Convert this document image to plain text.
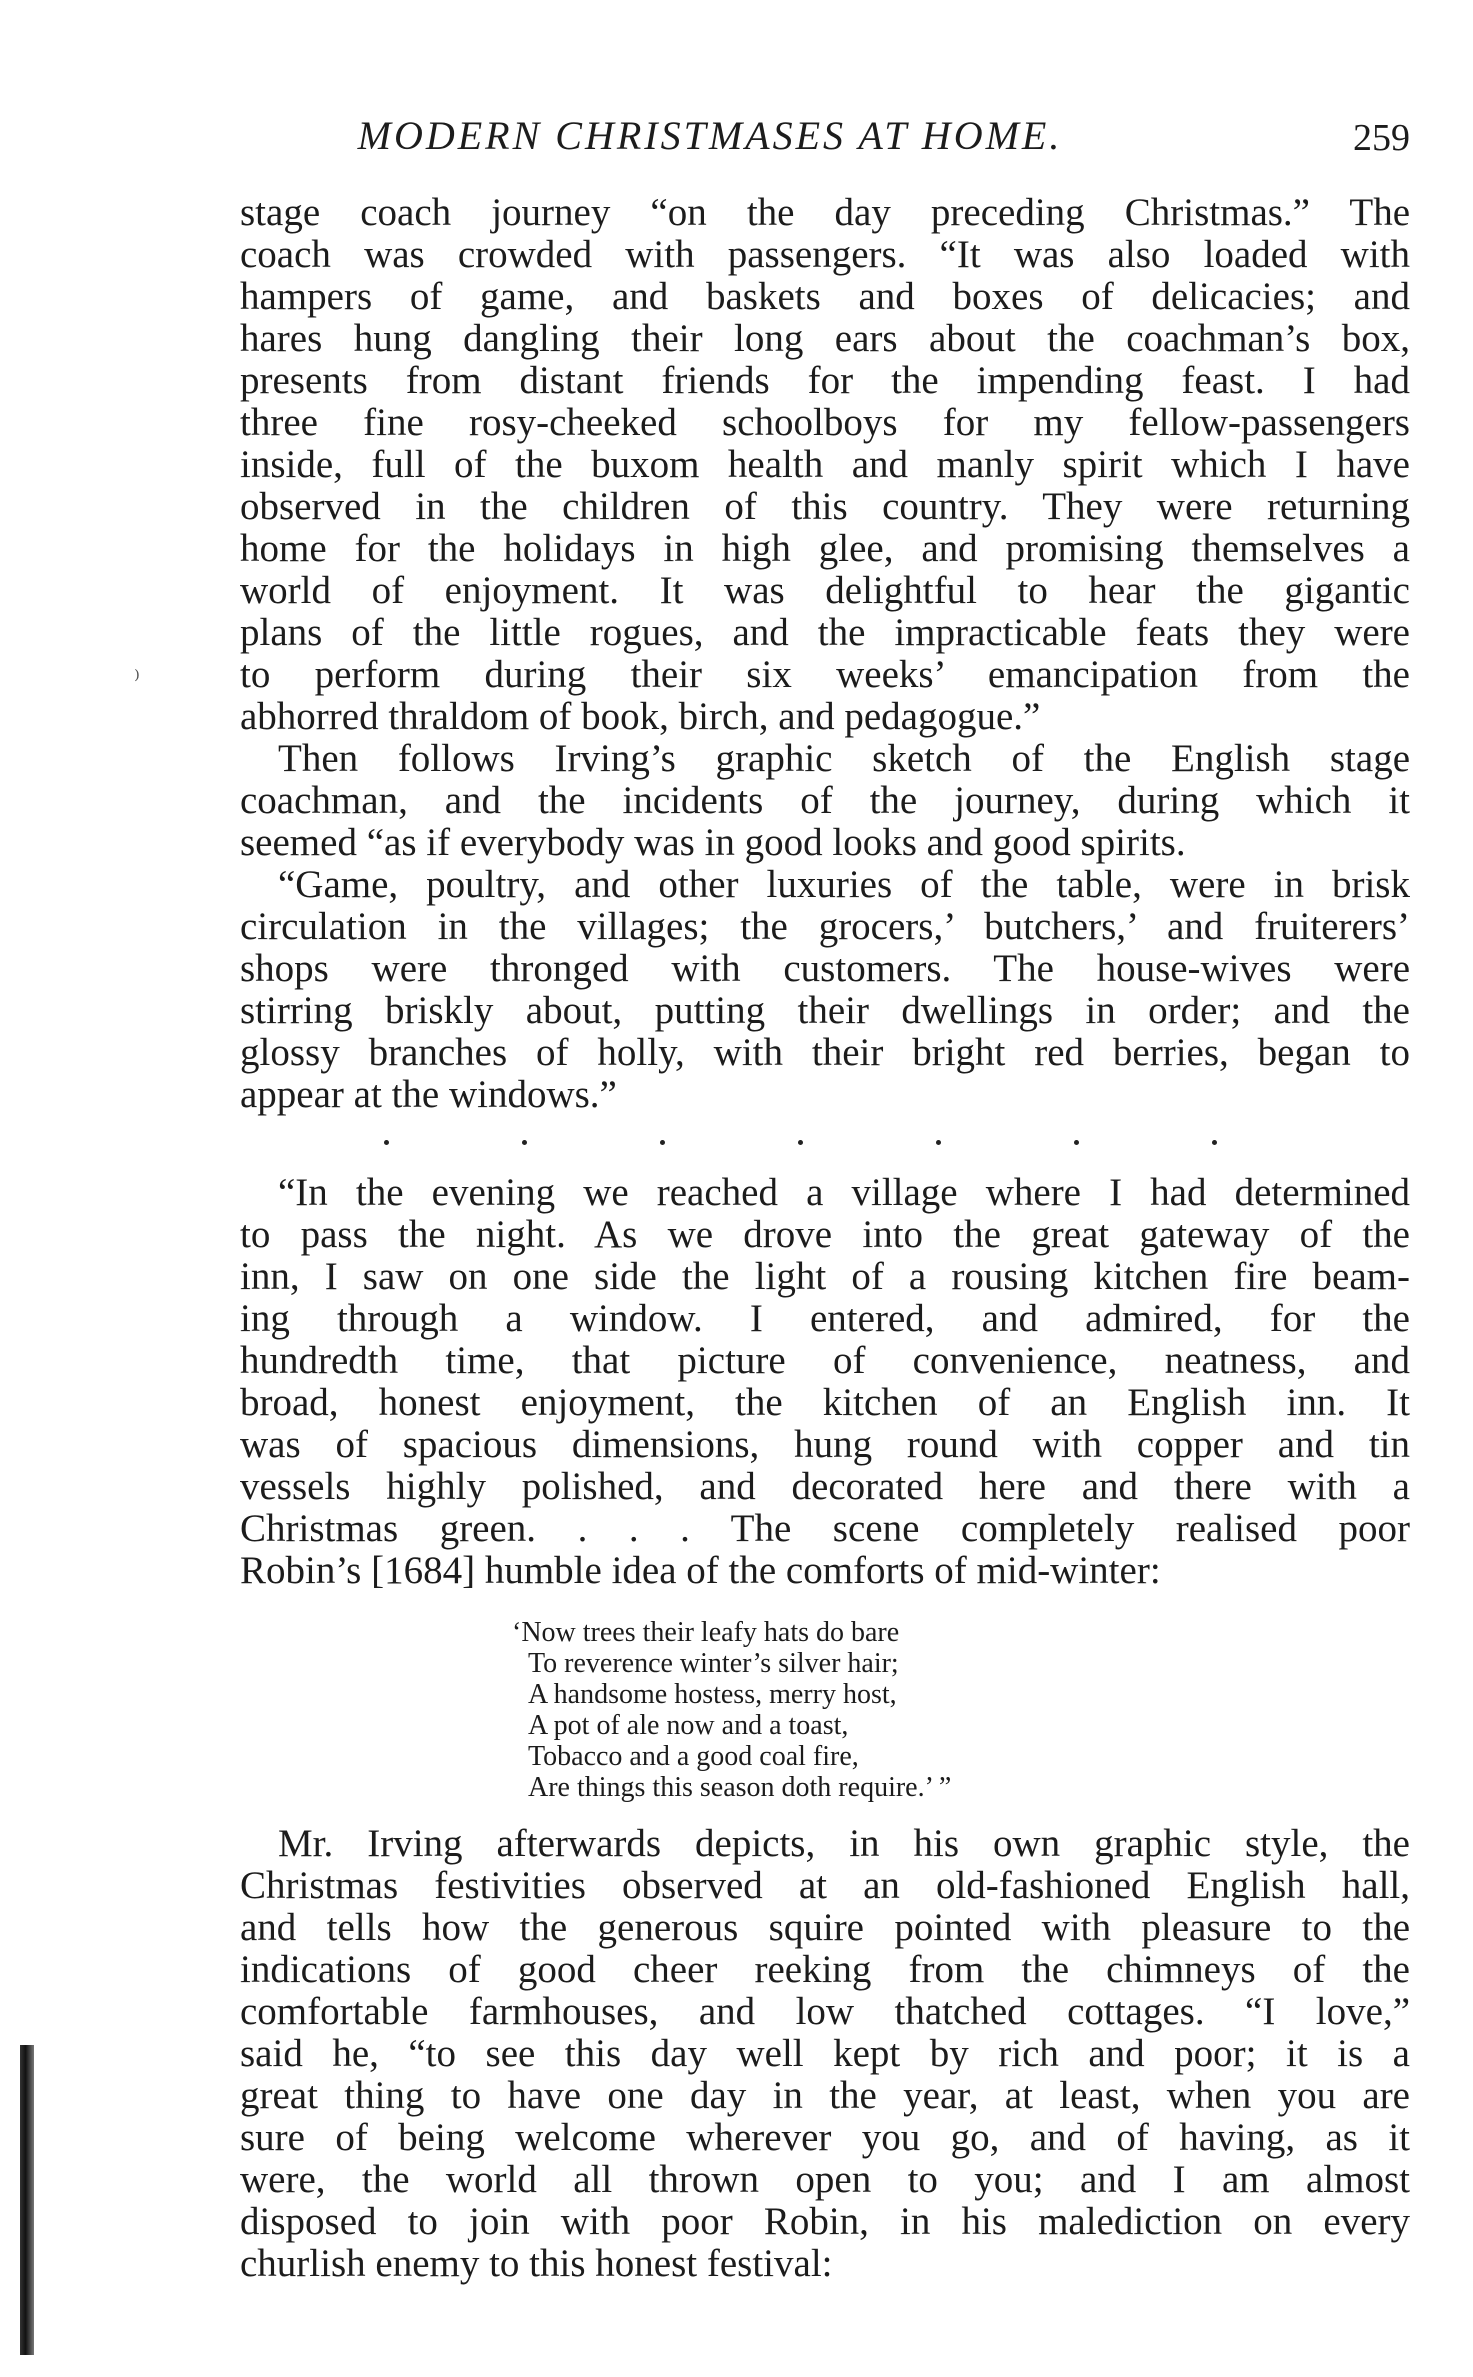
MODERN CHRISTMASES AT HOME.	259
⁾
stage coach journey “on the day preceding Christmas.” The
coach was crowded with passengers. “It was also loaded with
hampers of game, and baskets and boxes of delicacies; and
hares hung dangling their long ears about the coachman’s box,
presents from distant friends for the impending feast. I had
three fine rosy-cheeked schoolboys for my fellow-passengers
inside, full of the buxom health and manly spirit which I have
observed in the children of this country. They were returning
home for the holidays in high glee, and promising themselves a
world of enjoyment. It was delightful to hear the gigantic
plans of the little rogues, and the impracticable feats they were
to perform during their six weeks’ emancipation from the
abhorred thraldom of book, birch, and pedagogue.”
Then follows Irving’s graphic sketch of the English stage
coachman, and the incidents of the journey, during which it
seemed “as if everybody was in good looks and good spirits.
“Game, poultry, and other luxuries of the table, were in brisk
circulation in the villages; the grocers,’ butchers,’ and fruiterers’
shops were thronged with customers. The house-wives were
stirring briskly about, putting their dwellings in order; and the
glossy branches of holly, with their bright red berries, began to
appear at the windows.”
“In the evening we reached a village where I had determined
to pass the night. As we drove into the great gateway of the
inn, I saw on one side the light of a rousing kitchen fire beam-
ing through a window. I entered, and admired, for the
hundredth time, that picture of convenience, neatness, and
broad, honest enjoyment, the kitchen of an English inn. It
was of spacious dimensions, hung round with copper and tin
vessels highly polished, and decorated here and there with a
Christmas green. . . . The scene completely realised poor
Robin’s [1684] humble idea of the comforts of mid-winter:
‘Now trees their leafy hats do bare
To reverence winter’s silver hair;
A handsome hostess, merry host,
A pot of ale now and a toast,
Tobacco and a good coal fire,
Are things this season doth require.’ ”
Mr. Irving afterwards depicts, in his own graphic style, the
Christmas festivities observed at an old-fashioned English hall,
and tells how the generous squire pointed with pleasure to the
indications of good cheer reeking from the chimneys of the
comfortable farmhouses, and low thatched cottages. “I love,”
said he, “to see this day well kept by rich and poor; it is a
great thing to have one day in the year, at least, when you are
sure of being welcome wherever you go, and of having, as it
were, the world all thrown open to you; and I am almost
disposed to join with poor Robin, in his malediction on every
churlish enemy to this honest festival:
